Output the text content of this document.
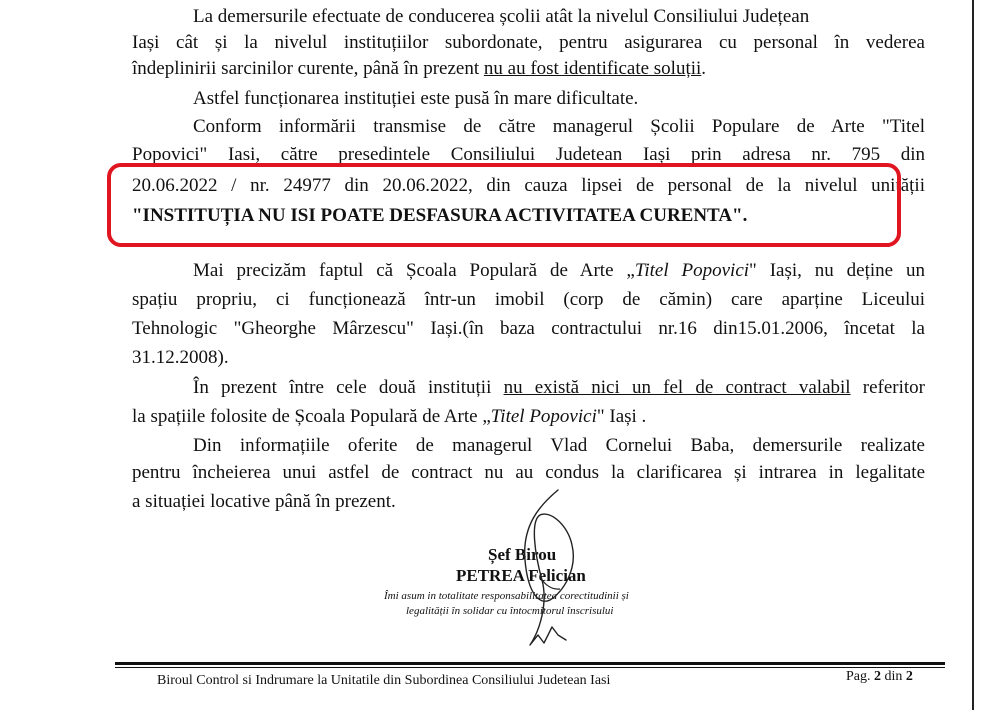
La demersurile efectuate de conducerea școlii atât la nivelul Consiliului Județean
Iași cât și la nivelul instituțiilor subordonate, pentru asigurarea cu personal în vederea
îndeplinirii sarcinilor curente, până în prezent nu au fost identificate soluții.
Astfel funcționarea instituției este pusă în mare dificultate.
Conform informării transmise de către managerul Școlii Populare de Arte "Titel
Popovici" Iasi, către presedintele Consiliului Judetean Iași prin adresa nr. 795 din
20.06.2022 / nr. 24977 din 20.06.2022, din cauza lipsei de personal de la nivelul unității
"INSTITUȚIA NU ISI POATE DESFASURA ACTIVITATEA CURENTA".
Mai precizăm faptul că Școala Populară de Arte „Titel Popovici" Iași, nu deține un
spațiu propriu, ci funcționează într-un imobil (corp de cămin) care aparține Liceului
Tehnologic "Gheorghe Mârzescu" Iași.(în baza contractului nr.16 din15.01.2006, încetat la
31.12.2008).
În prezent între cele două instituții nu există nici un fel de contract valabil referitor
la spațiile folosite de Școala Populară de Arte „Titel Popovici" Iași .
Din informațiile oferite de managerul Vlad Cornelui Baba, demersurile realizate
pentru încheierea unui astfel de contract nu au condus la clarificarea și intrarea in legalitate
a situației locative până în prezent.
Șef Birou
PETREA Felician
Îmi asum in totalitate responsabilitatea corectitudinii și
legalității în solidar cu întocmitorul înscrisului
Biroul Control si Indrumare la Unitatile din Subordinea Consiliului Judetean Iasi	Pag. 2 din 2
